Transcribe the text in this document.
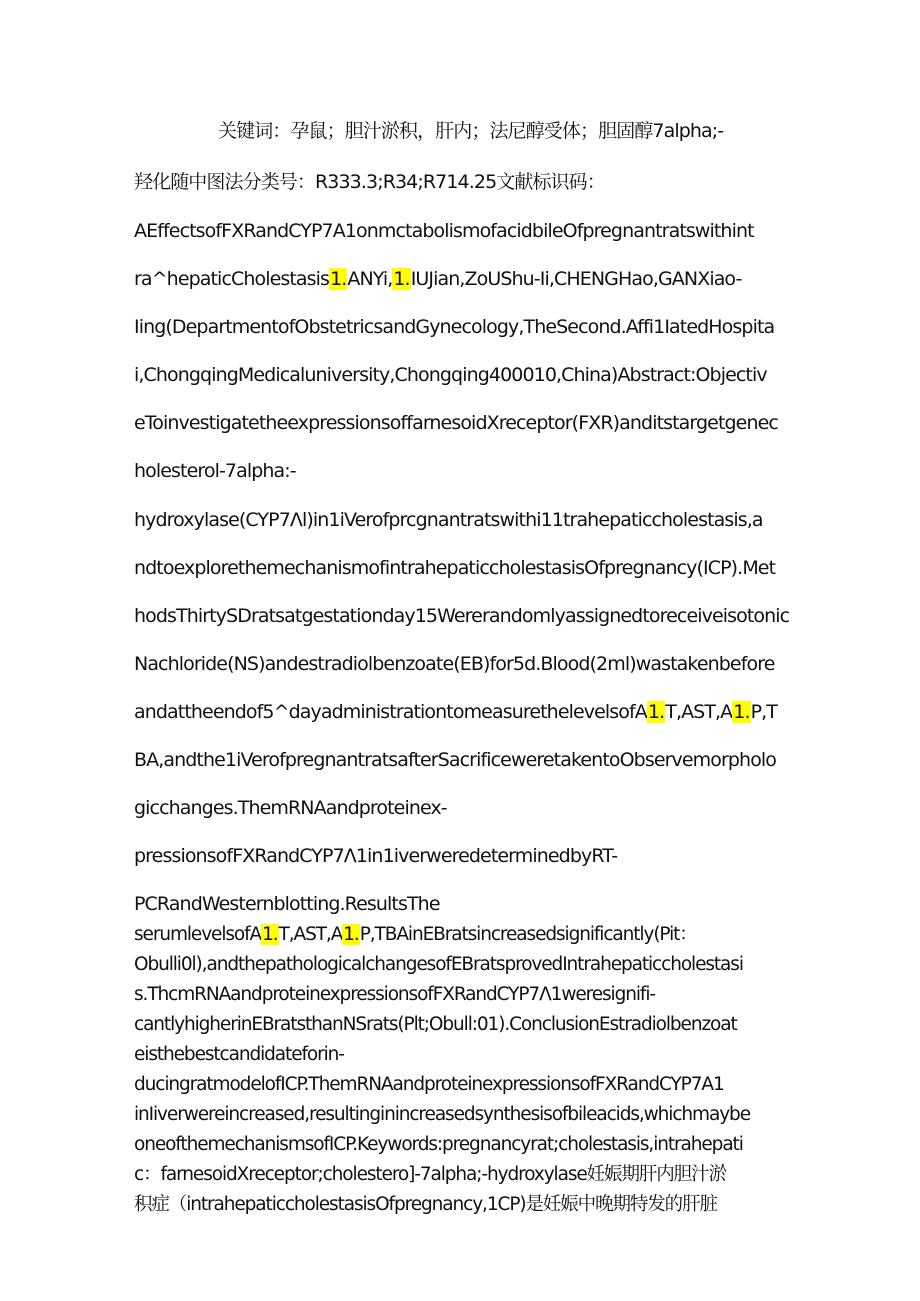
关键词：孕鼠；胆汁淤积，肝内；法尼醇受体；胆固醇7alpha;-
羟化随中图法分类号：R333.3;R34;R714.25文献标识码：
AEffectsofFXRandCYP7A1onmctabolismofacidbileOfpregnantratswithint
ra^hepaticCholestasis1.ANYi,1.IUJian,ZoUShu-Ii,CHENGHao,GANXiao-
Iing(DepartmentofObstetricsandGynecology,TheSecond.Affi1IatedHospita
i,ChongqingMedicaluniversity,Chongqing400010,China)Abstract:Objectiv
eToinvestigatetheexpressionsoffarnesoidXreceptor(FXR)anditstargetgenec
holesterol-7alpha:-
hydroxylase(CYP7Λl)in1iVerofprcgnantratswithi11trahepaticcholestasis,a
ndtoexplorethemechanismofintrahepaticcholestasisOfpregnancy(ICP).Met
hodsThirtySDratsatgestationday15Wererandomlyassignedtoreceiveisotonic
Nachloride(NS)andestradiolbenzoate(EB)for5d.Blood(2ml)wastakenbefore
andattheendof5^dayadministrationtomeasurethelevelsofA1.T,AST,A1.P,T
BA,andthe1iVerofpregnantratsafterSacrificeweretakentoObservemorpholo
gicchanges.ThemRNAandproteinex-
pressionsofFXRandCYP7Λ1in1iverweredeterminedbyRT-
PCRandWesternblotting.ResultsThe
serumlevelsofA1.T,AST,A1.P,TBAinEBratsincreasedsignificantly(Pit：
Obulli0l),andthepathologicalchangesofEBratsprovedIntrahepaticcholestasi
s.ThcmRNAandproteinexpressionsofFXRandCYP7Λ1weresignifi-
cantlyhigherinEBratsthanNSrats(Plt;Obull:01).ConclusionEstradiolbenzoat
eisthebestcandidateforin-
ducingratmodelofICP.ThemRNAandproteinexpressionsofFXRandCYP7A1
inIiverwereincreased,resultingin​increasedsynthesisofbileacids,whichmaybe
oneofthemechanismsofICP.Keywords:pregnancyrat;cholestasis,intrahepati
c：farnesoidXreceptor;cholestero]-7alpha;-hydroxylase妊娠期肝内胆汁淤
积症（intrahepaticcholestasisOfpregnancy,1CP)是妊娠中晚期特发的肝脏
